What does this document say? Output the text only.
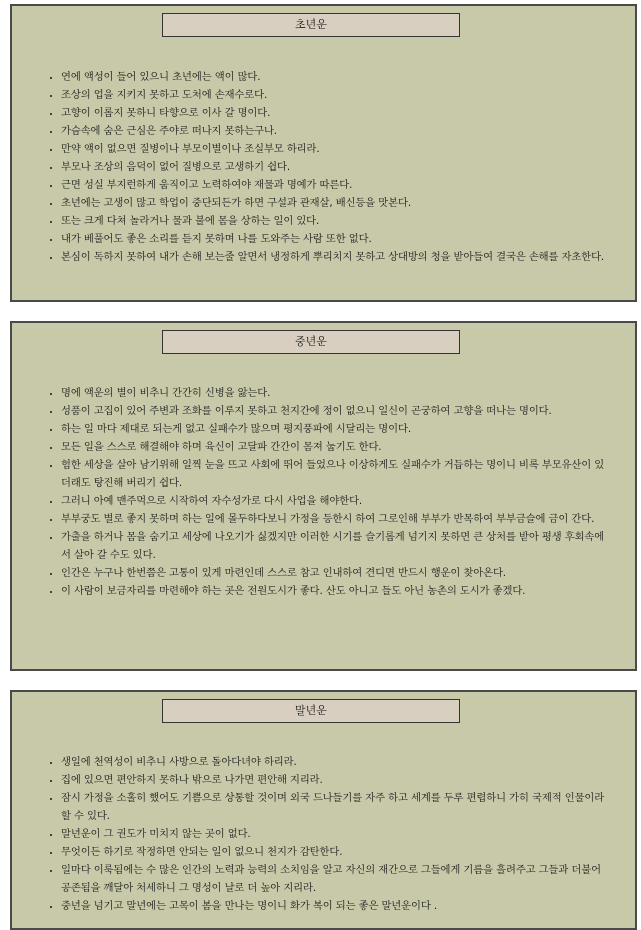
초년운
• 연에 액성이 들어 있으니 초년에는 액이 많다.
• 조상의 업을 지키지 못하고 도처에 손재수로다.
• 고향이 이롭지 못하니 타향으로 이사 갈 명이다.
• 가슴속에 숨은 근심은 주야로 떠나지 못하는구나.
• 만약 액이 없으면 질병이나 부모이별이나 조실부모 하리라.
• 부모나 조상의 음덕이 없어 질병으로 고생하기 쉽다.
• 근면 성실 부지런하게 움직이고 노력하여야 재물과 명예가 따른다.
• 초년에는 고생이 많고 학업이 중단되든가 하면 구설과 관재살, 배신등을 맛본다.
• 또는 크게 다쳐 놀라거나 물과 불에 몸을 상하는 일이 있다.
• 내가 베풀어도 좋은 소리를 듣지 못하며 나를 도와주는 사람 또한 없다.
• 본심이 독하지 못하여 내가 손해 보는줄 알면서 냉정하게 뿌리치지 못하고 상대방의 청을 받아들여 결국은 손해를 자초한다.
중년운
• 명에 액운의 별이 비추니 간간히 신병을 앓는다.
• 성품이 고집이 있어 주변과 조화를 이루지 못하고 천지간에 정이 없으니 일신이 곤궁하여 고향을 떠나는 명이다.
• 하는 일 마다 제대로 되는게 없고 실패수가 많으며 평지풍파에 시달리는 명이다.
• 모든 일을 스스로 해결해야 하며 육신이 고달파 간간이 몸져 눕기도 한다.
• 험한 세상을 살아 남기위해 일찍 눈을 뜨고 사회에 뛰어 들었으나 이상하게도 실패수가 거듭하는 명이니 비록 부모유산이 있더래도 탕진해 버리기 쉽다.
• 그러니 아예 맨주먹으로 시작하여 자수성가로 다시 사업을 해야한다.
• 부부궁도 별로 좋지 못하며 하는 일에 몰두하다보니 가정을 등한시 하여 그로인해 부부가 반목하여 부부금슬에 금이 간다.
• 가출을 하거나 몸을 숨기고 세상에 나오기가 싫겠지만 이러한 시기를 슬기롭게 넘기지 못하면 큰 상처를 받아 평생 후회속에서 살아 갈 수도 있다.
• 인간은 누구나 한번쯤은 고통이 있게 마련인데 스스로 참고 인내하여 견디면 반드시 행운이 찾아온다.
• 이 사람이 보금자리를 마련해야 하는 곳은 전원도시가 좋다. 산도 아니고 들도 아닌 농촌의 도시가 좋겠다.
말년운
• 생일에 천역성이 비추니 사방으로 돌아다녀야 하리라.
• 집에 있으면 편안하지 못하나 밖으로 나가면 편안해 지리라.
• 잠시 가정을 소홀히 했어도 기쁨으로 상통할 것이며 외국 드나들기를 자주 하고 세계를 두루 편렵하니 가히 국제적 인물이라 할 수 있다.
• 말년운이 그 권도가 미치지 않는 곳이 없다.
• 무엇이든 하기로 작정하면 안되는 일이 없으니 천지가 감탄한다.
• 일마다 이룩됨에는 수 많은 인간의 노력과 능력의 소치임을 알고 자신의 재간으로 그들에게 기름을 흘려주고 그들과 더불어 공존됨을 깨달아 처세하니 그 명성이 날로 더 높아 지리라.
• 중년을 넘기고 말년에는 고목이 봄을 만나는 명이니 화가 복이 되는 좋은 말년운이다 .
